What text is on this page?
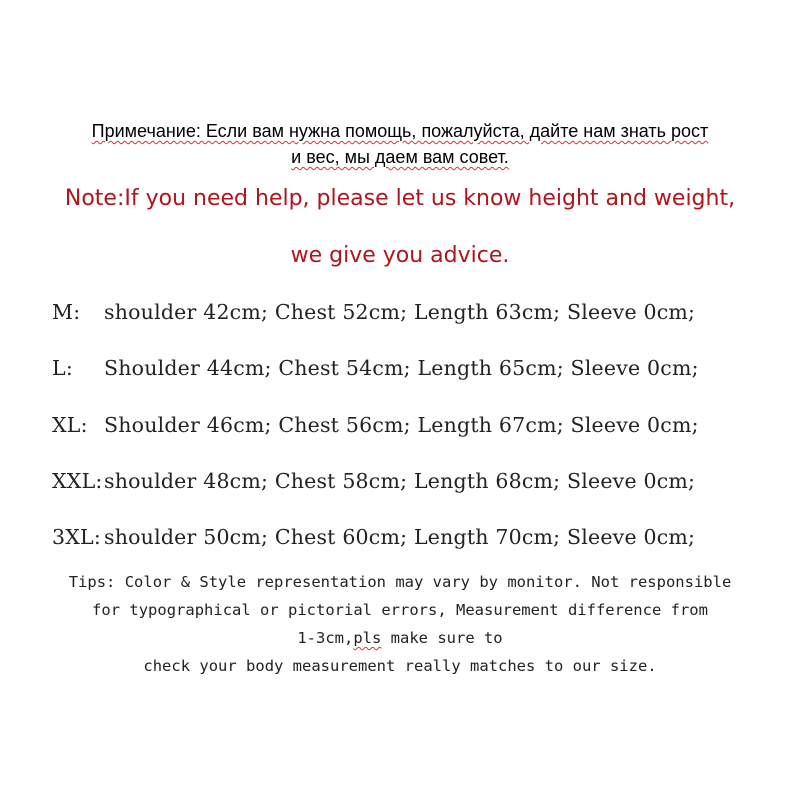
Примечание: Если вам нужна помощь, пожалуйста, дайте нам знать рост
и вес, мы даем вам совет.
Note:If you need help, please let us know height and weight,
we give you advice.
M: shoulder 42cm; Chest 52cm; Length 63cm; Sleeve 0cm;
L: Shoulder 44cm; Chest 54cm; Length 65cm; Sleeve 0cm;
XL: Shoulder 46cm; Chest 56cm; Length 67cm; Sleeve 0cm;
XXL:shoulder 48cm; Chest 58cm; Length 68cm; Sleeve 0cm;
3XL: shoulder 50cm; Chest 60cm; Length 70cm; Sleeve 0cm;
Tips: Color & Style representation may vary by monitor. Not responsible
for typographical or pictorial errors, Measurement difference from
1-3cm,pls make sure to
check your body measurement really matches to our size.
